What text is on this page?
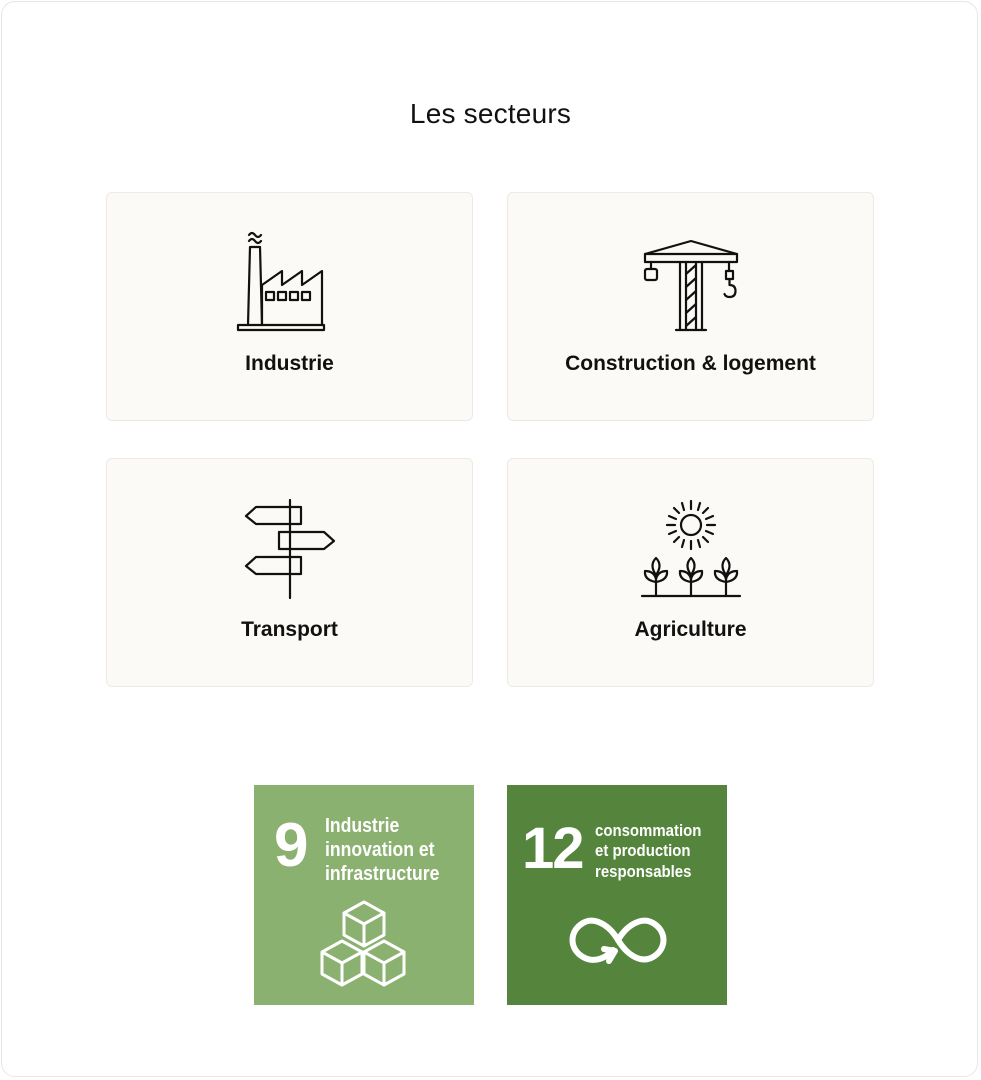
Les secteurs
Industrie	Construction & logement
Transport	Agriculture
9 Industrie
innovation et
infrastructure 12 consommation
et production
responsables
